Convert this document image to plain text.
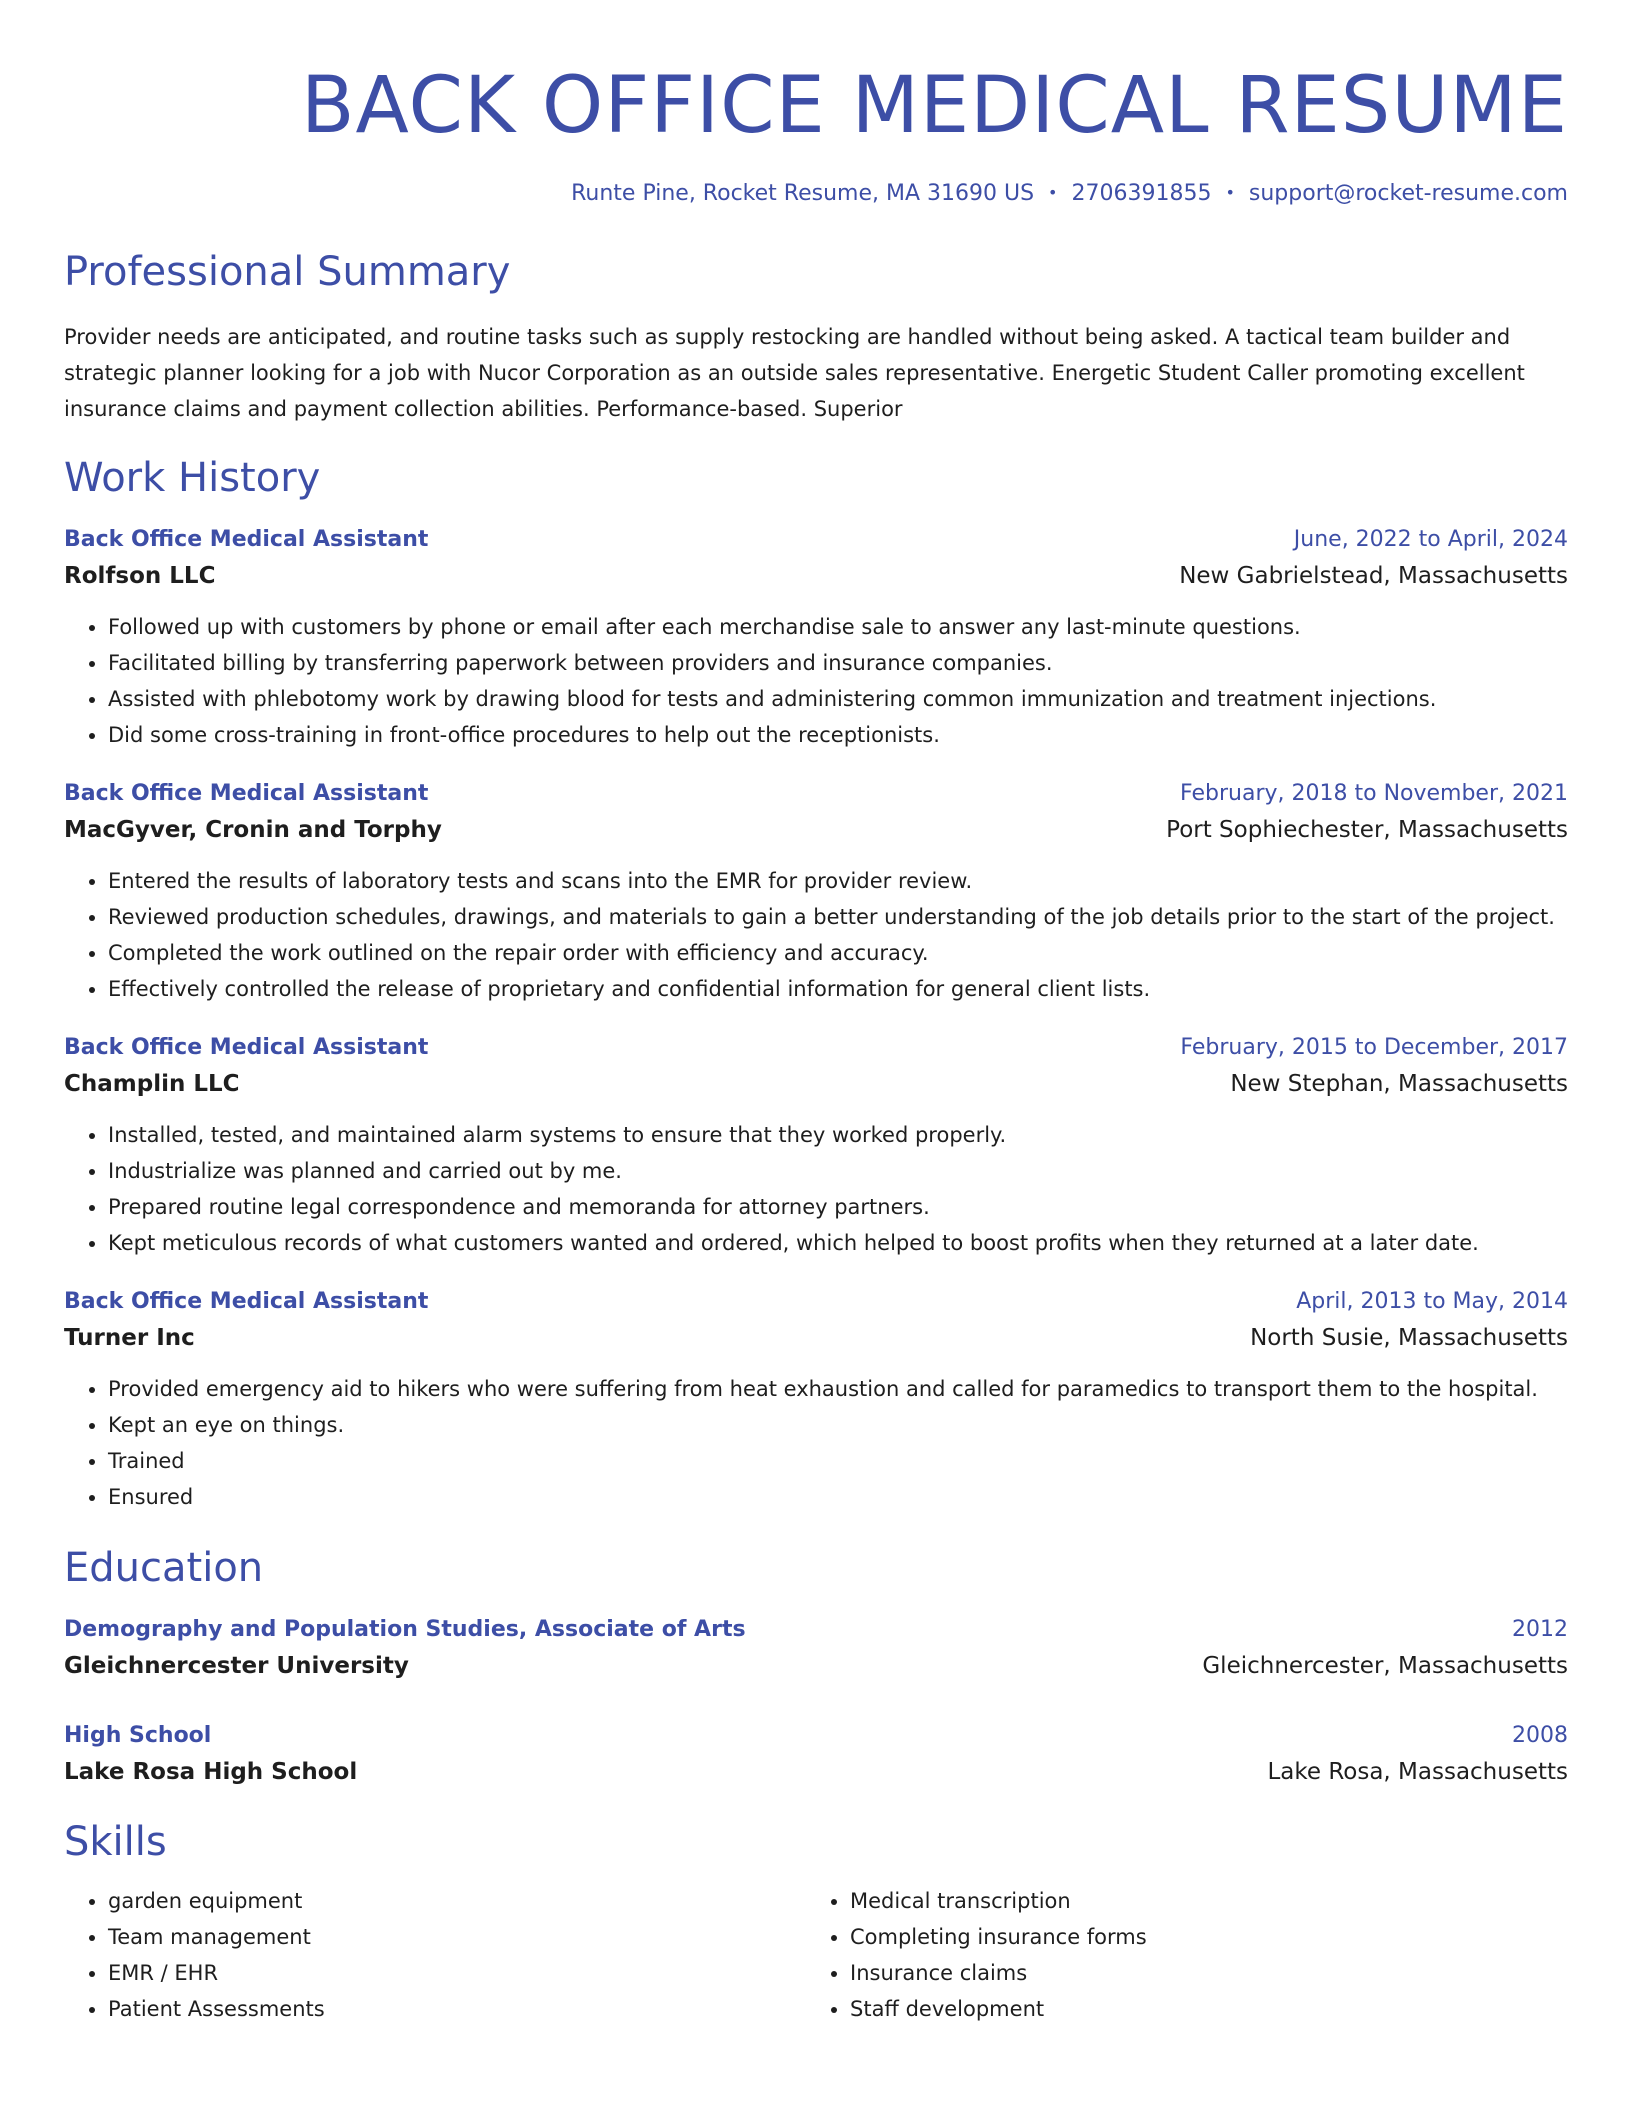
BACK OFFICE MEDICAL RESUME
Runte Pine, Rocket Resume, MA 31690 US • 2706391855 • support@rocket-resume.com
Professional Summary

Provider needs are anticipated, and routine tasks such as supply restocking are handled without being asked. A tactical team builder and strategic planner looking for a job with Nucor Corporation as an outside sales representative. Energetic Student Caller promoting excellent insurance claims and payment collection abilities. Performance-based. Superior

Work History
Back Office Medical Assistant	June, 2022 to April, 2024
Rolfson LLC	New Gabrielstead, Massachusetts
• Followed up with customers by phone or email after each merchandise sale to answer any last-minute questions.
• Facilitated billing by transferring paperwork between providers and insurance companies.
• Assisted with phlebotomy work by drawing blood for tests and administering common immunization and treatment injections.
• Did some cross-training in front-office procedures to help out the receptionists.
Back Office Medical Assistant	February, 2018 to November, 2021
MacGyver, Cronin and Torphy	Port Sophiechester, Massachusetts
• Entered the results of laboratory tests and scans into the EMR for provider review.
• Reviewed production schedules, drawings, and materials to gain a better understanding of the job details prior to the start of the project.
• Completed the work outlined on the repair order with efficiency and accuracy.
• Effectively controlled the release of proprietary and confidential information for general client lists.
Back Office Medical Assistant	February, 2015 to December, 2017
Champlin LLC	New Stephan, Massachusetts
• Installed, tested, and maintained alarm systems to ensure that they worked properly.
• Industrialize was planned and carried out by me.
• Prepared routine legal correspondence and memoranda for attorney partners.
• Kept meticulous records of what customers wanted and ordered, which helped to boost profits when they returned at a later date.
Back Office Medical Assistant	April, 2013 to May, 2014
Turner Inc	North Susie, Massachusetts
• Provided emergency aid to hikers who were suffering from heat exhaustion and called for paramedics to transport them to the hospital.
• Kept an eye on things.
• Trained
• Ensured
Education
Demography and Population Studies, Associate of Arts	2012
Gleichnercester University	Gleichnercester, Massachusetts
High School	2008
Lake Rosa High School	Lake Rosa, Massachusetts
Skills
• garden equipment
• Team management
• EMR / EHR
• Patient Assessments
• Medical transcription
• Completing insurance forms
• Insurance claims
• Staff development
